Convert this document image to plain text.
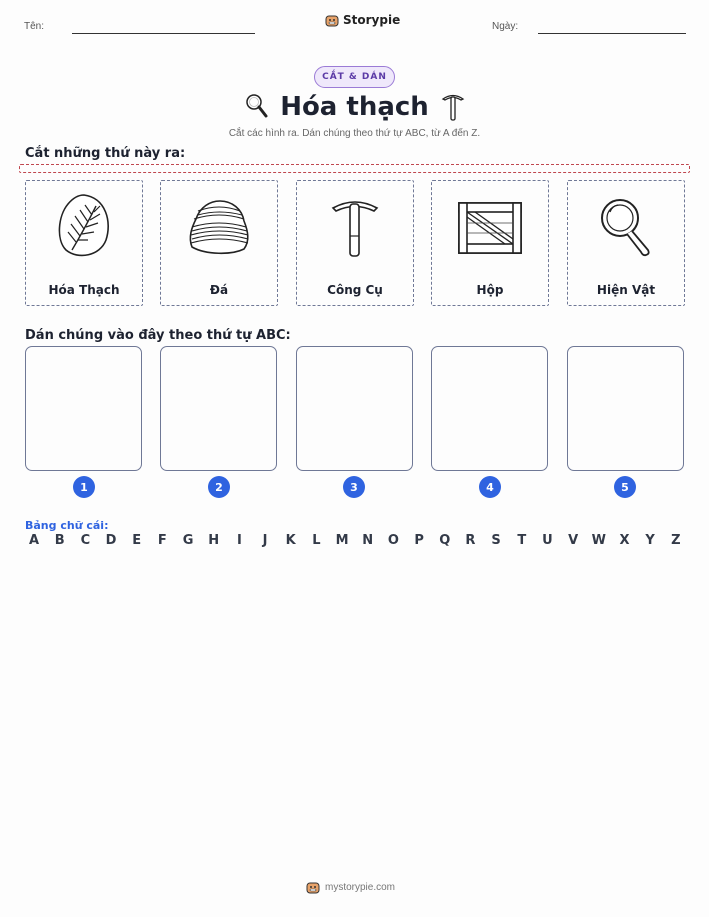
Tên:	Storypie	Ngày:
CẮT & DÁN
Hóa thạch
Cắt các hình ra. Dán chúng theo thứ tự ABC, từ A đến Z.
Cắt những thứ này ra:
Hóa Thạch	Đá	Công Cụ	Hộp	Hiện Vật
Dán chúng vào đây theo thứ tự ABC:
1	2	3	4	5
Bảng chữ cái:
A	B	C	D	E	F	G H	I	J	K	L	M N O	P	Q	R	S	T	U	V	W	X	Y	Z
mystorypie.com
